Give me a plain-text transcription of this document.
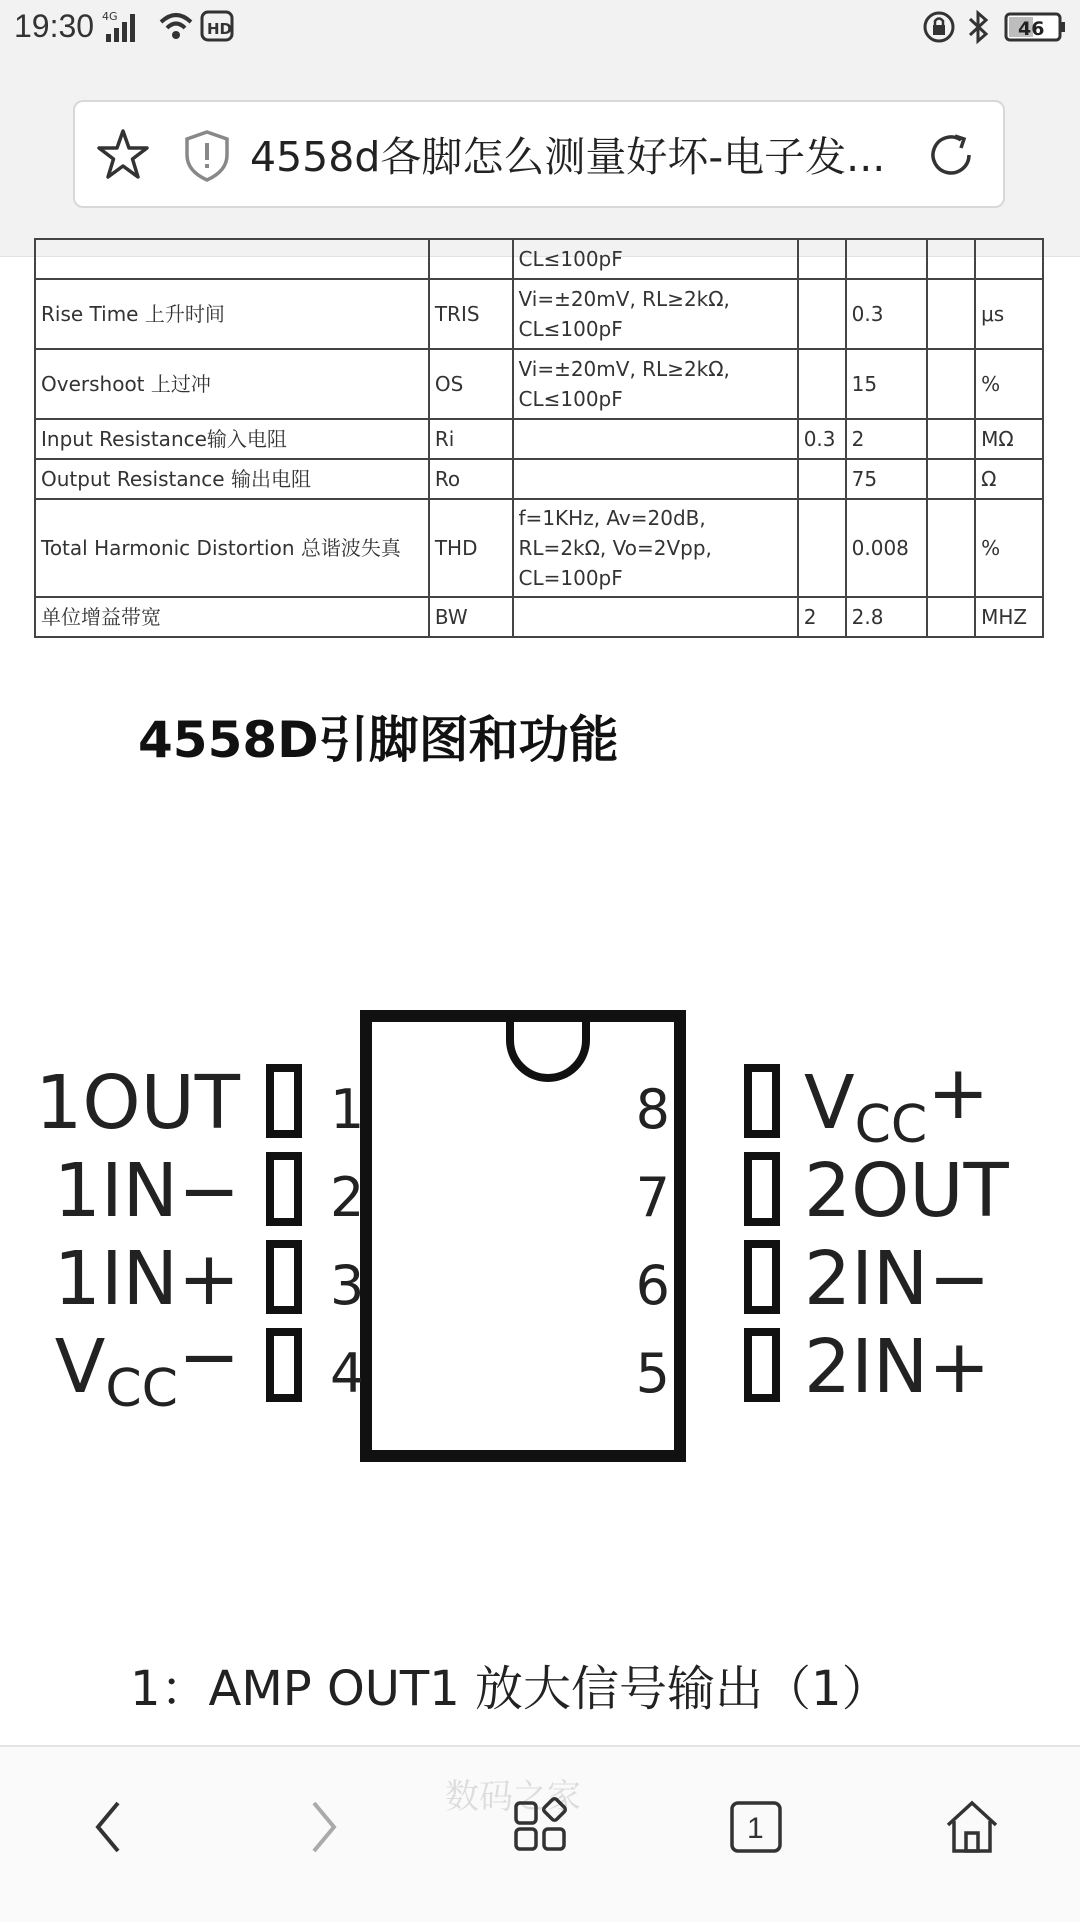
19:30 4G
HD	46
4558d各脚怎么测量好坏-电子发...
		CL≤100pF				
Rise Time 上升时间	TRIS	Vi=±20mV, RL≥2kΩ, CL≤100pF		0.3		μs
Overshoot 上过冲	OS	Vi=±20mV, RL≥2kΩ, CL≤100pF		15		%
Input Resistance输入电阻	Ri		0.3	2		MΩ
Output Resistance 输出电阻	Ro			75		Ω
Total Harmonic Distortion 总谐波失真	THD	f=1KHz, Av=20dB, RL=2kΩ, Vo=2Vpp, CL=100pF		0.008		%
单位增益带宽	BW		2	2.8		MHZ
4558D引脚图和功能
1
1OUT
2
1IN−
3
1IN+
4
VCC−
8 VCC+
7 2OUT
6 2IN−
5 2IN+

1：AMP OUT1 放大信号输出（1）

数码之家
1
